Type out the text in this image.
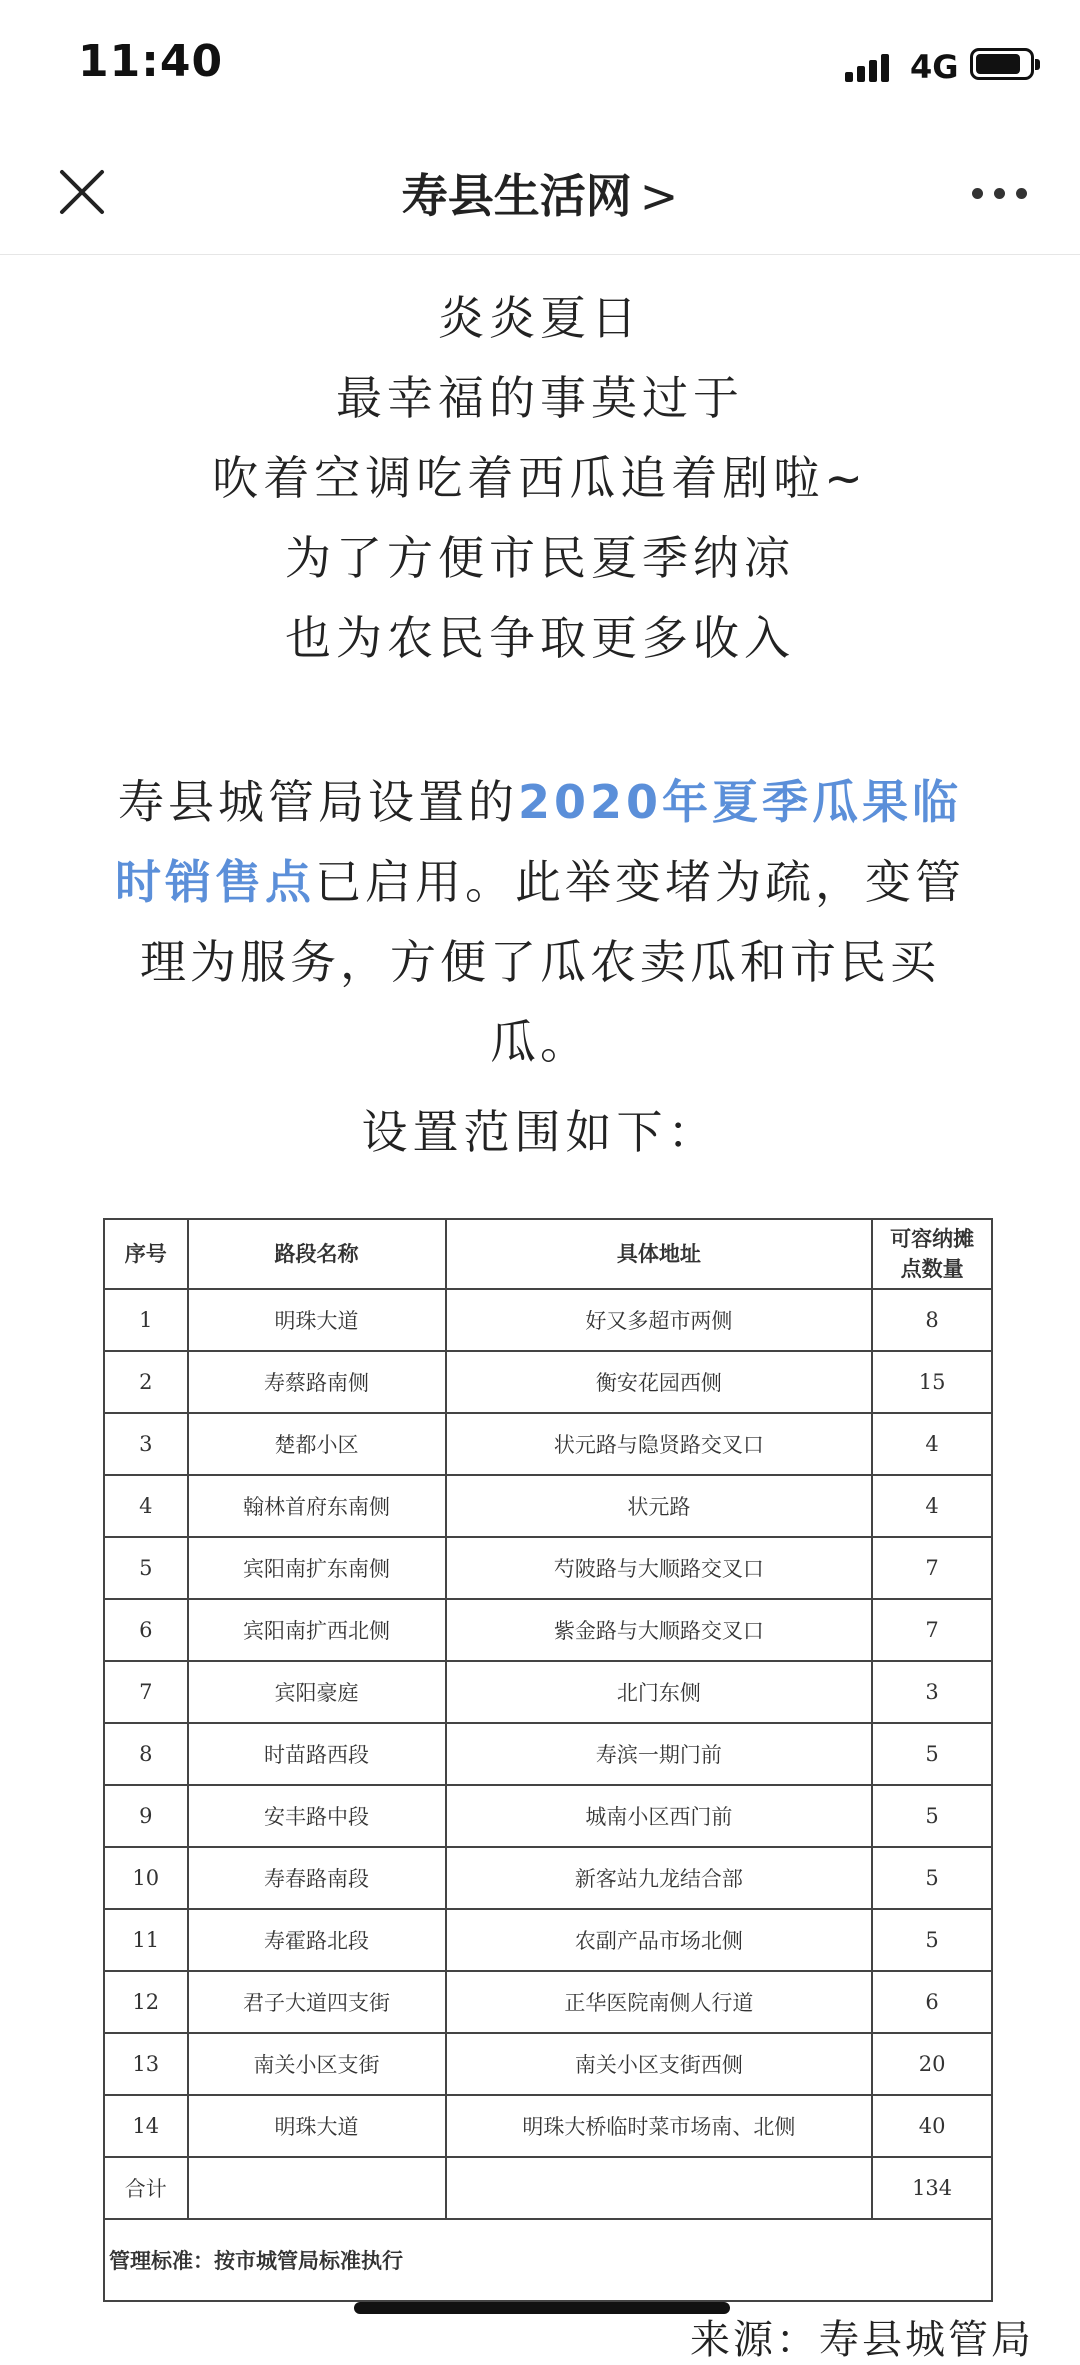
11:40	4G
寿县生活网 >
炎炎夏日
最幸福的事莫过于
吹着空调吃着西瓜追着剧啦~
为了方便市民夏季纳凉
也为农民争取更多收入
寿县城管局设置的2020年夏季瓜果临时销售点已启用。此举变堵为疏，变管理为服务，方便了瓜农卖瓜和市民买瓜。
设置范围如下：
序号	路段名称	具体地址	可容纳摊点数量
1	明珠大道	好又多超市两侧	8
2	寿蔡路南侧	衡安花园西侧	15
3	楚都小区	状元路与隐贤路交叉口	4
4	翰林首府东南侧	状元路	4
5	宾阳南扩东南侧	芍陂路与大顺路交叉口	7
6	宾阳南扩西北侧	紫金路与大顺路交叉口	7
7	宾阳豪庭	北门东侧	3
8	时苗路西段	寿滨一期门前	5
9	安丰路中段	城南小区西门前	5
10	寿春路南段	新客站九龙结合部	5
11	寿霍路北段	农副产品市场北侧	5
12	君子大道四支街	正华医院南侧人行道	6
13	南关小区支街	南关小区支街西侧	20
14	明珠大道	明珠大桥临时菜市场南、北侧	40
合计			134
管理标准：按市城管局标准执行			
来源：寿县城管局
